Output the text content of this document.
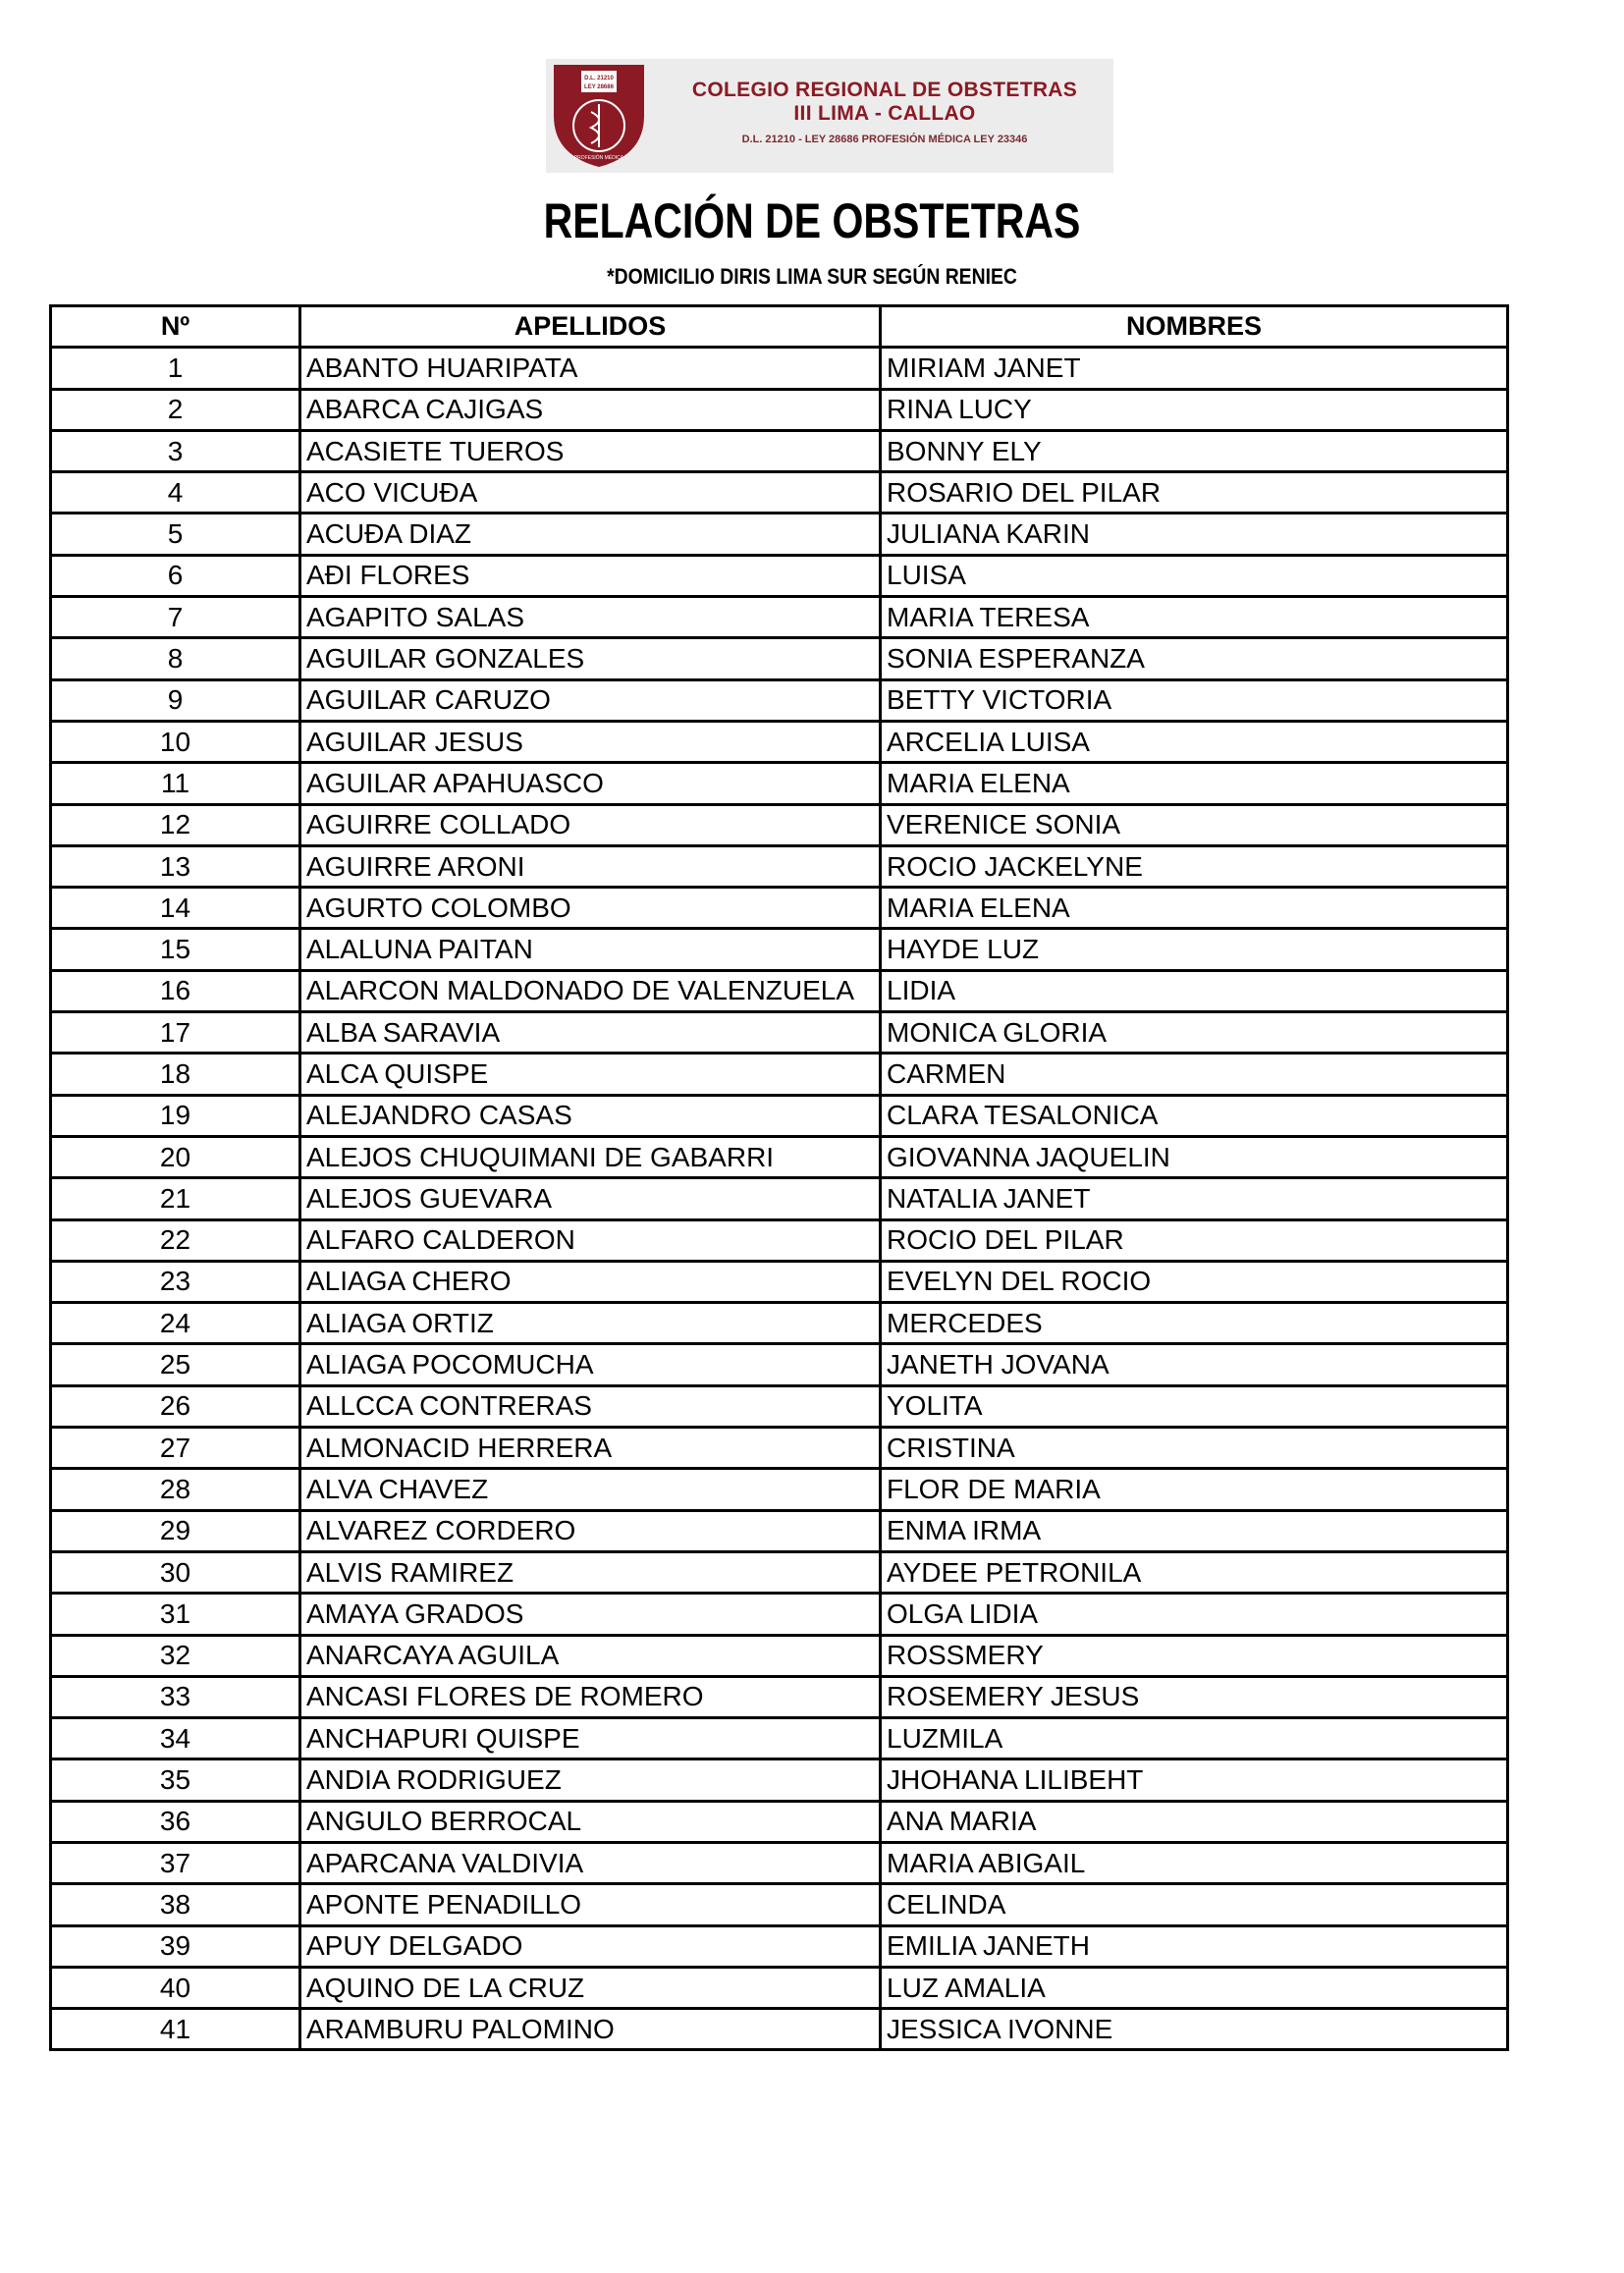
D.L. 21210
LEY 28686
PROFESIÓN MÉDICA
COLEGIO REGIONAL DE OBSTETRAS
III LIMA - CALLAO
D.L. 21210 - LEY 28686 PROFESIÓN MÉDICA LEY 23346
RELACIÓN DE OBSTETRAS
*DOMICILIO DIRIS LIMA SUR SEGÚN RENIEC
Nº	APELLIDOS	NOMBRES
1	ABANTO HUARIPATA	MIRIAM JANET
2	ABARCA CAJIGAS	RINA LUCY
3	ACASIETE TUEROS	BONNY ELY
4	ACO VICUĐA	ROSARIO DEL PILAR
5	ACUĐA DIAZ	JULIANA KARIN
6	AĐI FLORES	LUISA
7	AGAPITO SALAS	MARIA TERESA
8	AGUILAR GONZALES	SONIA ESPERANZA
9	AGUILAR CARUZO	BETTY VICTORIA
10	AGUILAR JESUS	ARCELIA LUISA
11	AGUILAR APAHUASCO	MARIA ELENA
12	AGUIRRE COLLADO	VERENICE SONIA
13	AGUIRRE ARONI	ROCIO JACKELYNE
14	AGURTO COLOMBO	MARIA ELENA
15	ALALUNA PAITAN	HAYDE LUZ
16	ALARCON MALDONADO DE VALENZUELA	LIDIA
17	ALBA SARAVIA	MONICA GLORIA
18	ALCA QUISPE	CARMEN
19	ALEJANDRO CASAS	CLARA TESALONICA
20	ALEJOS CHUQUIMANI DE GABARRI	GIOVANNA JAQUELIN
21	ALEJOS GUEVARA	NATALIA JANET
22	ALFARO CALDERON	ROCIO DEL PILAR
23	ALIAGA CHERO	EVELYN DEL ROCIO
24	ALIAGA ORTIZ	MERCEDES
25	ALIAGA POCOMUCHA	JANETH JOVANA
26	ALLCCA CONTRERAS	YOLITA
27	ALMONACID HERRERA	CRISTINA
28	ALVA CHAVEZ	FLOR DE MARIA
29	ALVAREZ CORDERO	ENMA IRMA
30	ALVIS RAMIREZ	AYDEE PETRONILA
31	AMAYA GRADOS	OLGA LIDIA
32	ANARCAYA AGUILA	ROSSMERY
33	ANCASI FLORES DE ROMERO	ROSEMERY JESUS
34	ANCHAPURI QUISPE	LUZMILA
35	ANDIA RODRIGUEZ	JHOHANA LILIBEHT
36	ANGULO BERROCAL	ANA MARIA
37	APARCANA VALDIVIA	MARIA ABIGAIL
38	APONTE PENADILLO	CELINDA
39	APUY DELGADO	EMILIA JANETH
40	AQUINO DE LA CRUZ	LUZ AMALIA
41	ARAMBURU PALOMINO	JESSICA IVONNE
